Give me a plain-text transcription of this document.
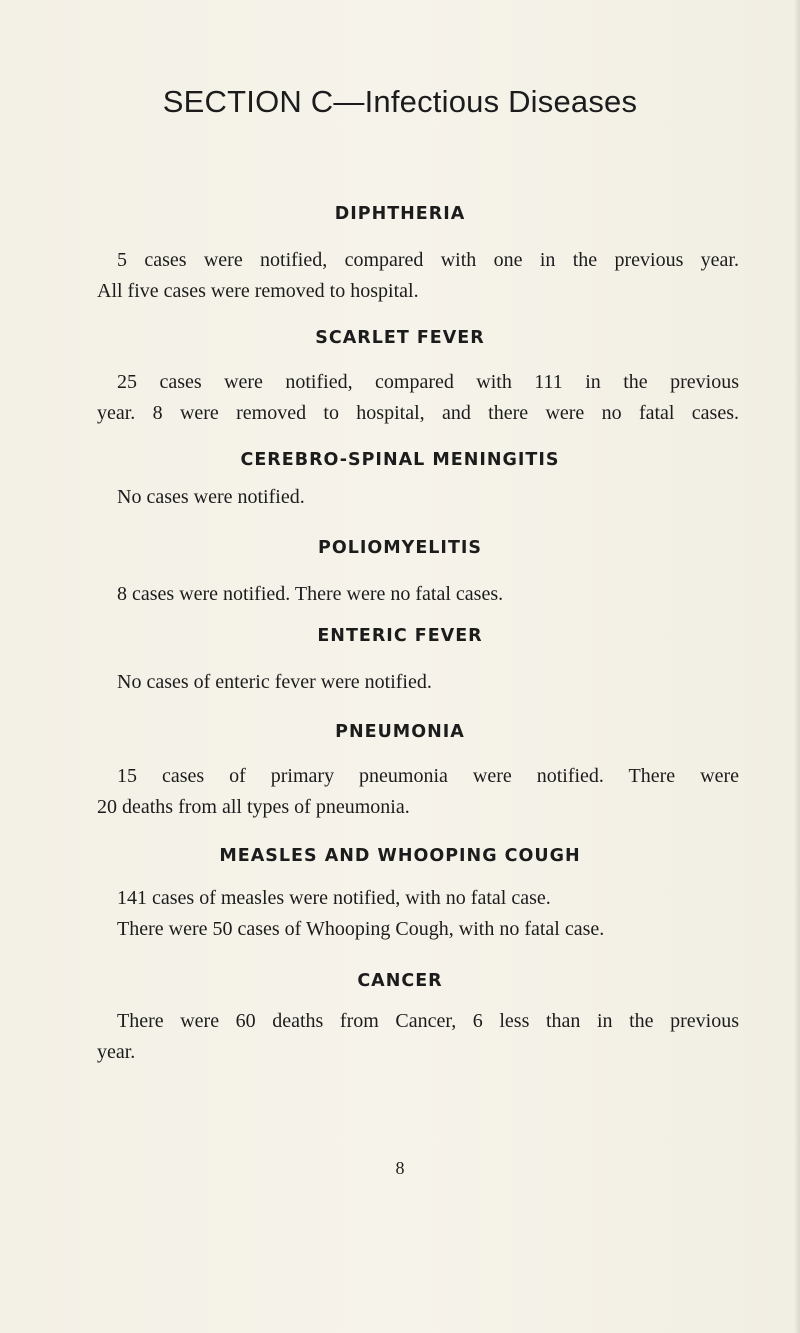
SECTION C—Infectious Diseases
DIPHTHERIA
5 cases were notified, compared with one in the previous year.
All five cases were removed to hospital.
SCARLET FEVER
25 cases were notified, compared with 111 in the previous
year. 8 were removed to hospital, and there were no fatal cases.
CEREBRO-SPINAL MENINGITIS
No cases were notified.
POLIOMYELITIS
8 cases were notified. There were no fatal cases.
ENTERIC FEVER
No cases of enteric fever were notified.
PNEUMONIA
15 cases of primary pneumonia were notified. There were
20 deaths from all types of pneumonia.
MEASLES AND WHOOPING COUGH
141 cases of measles were notified, with no fatal case.
There were 50 cases of Whooping Cough, with no fatal case.
CANCER
There were 60 deaths from Cancer, 6 less than in the previous
year.
8
